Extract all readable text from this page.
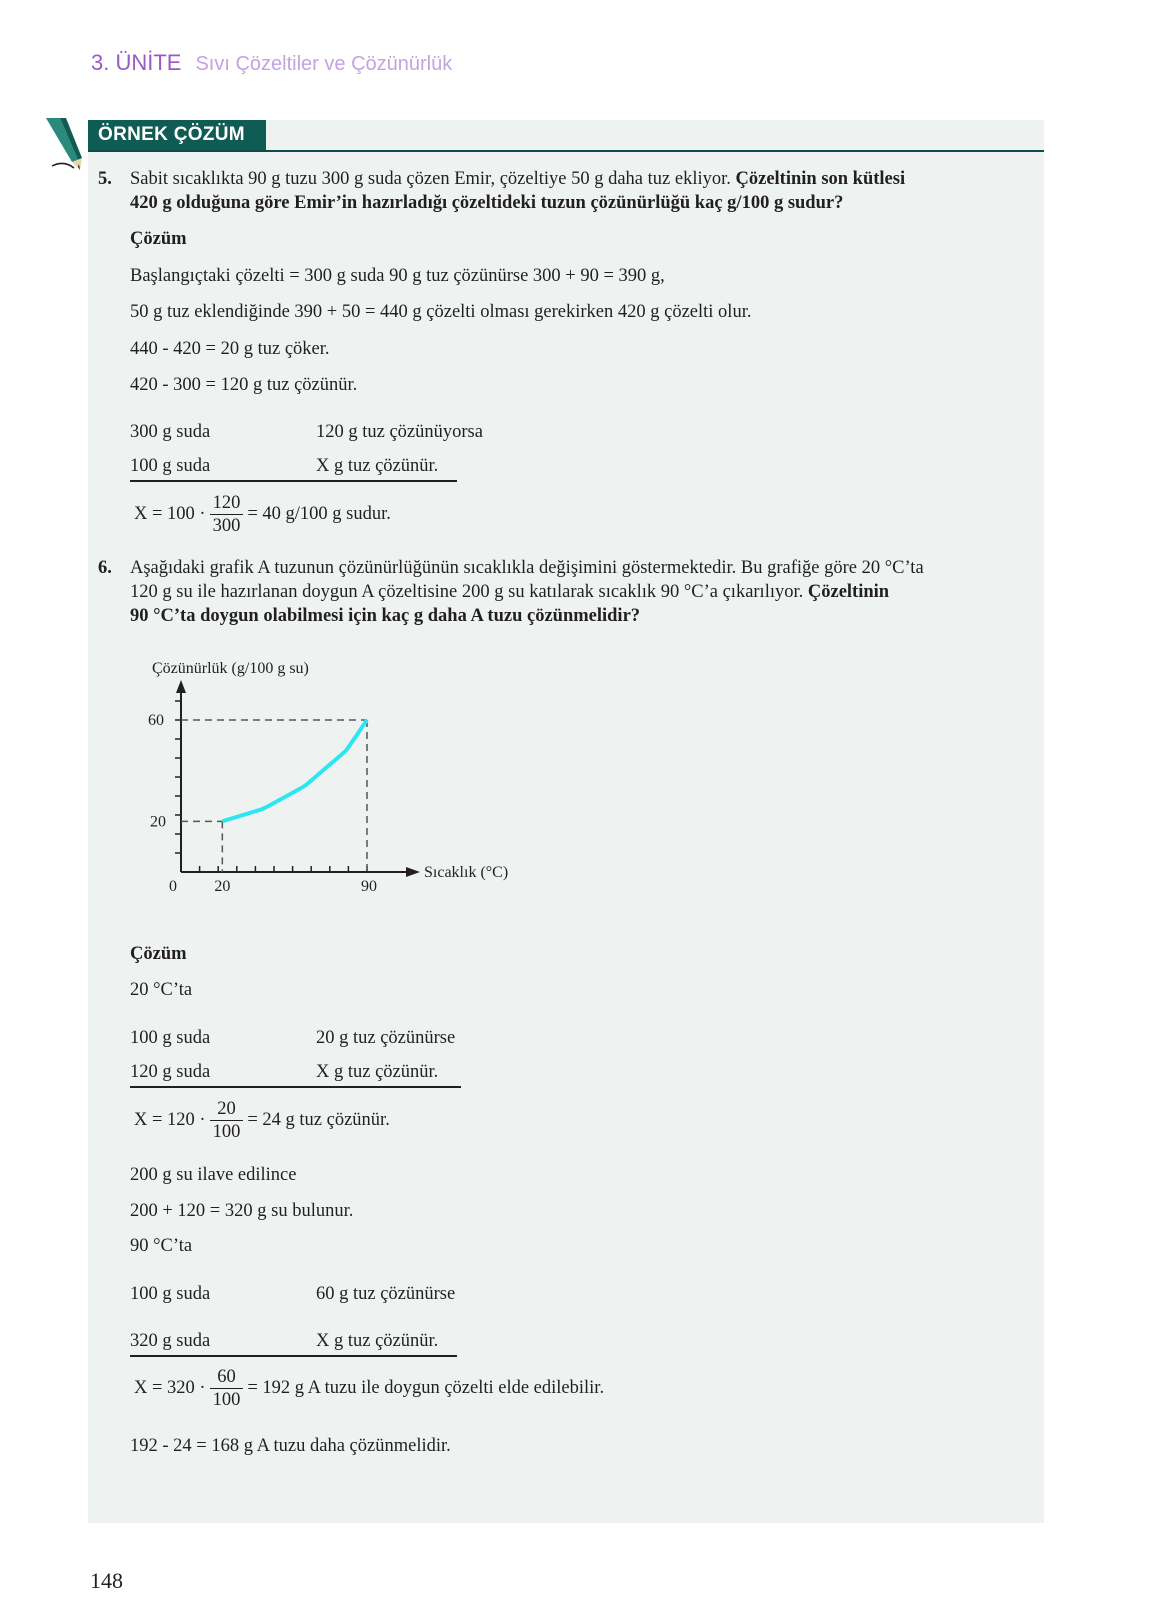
3. ÜNİTE Sıvı Çözeltiler ve Çözünürlük
ÖRNEK ÇÖZÜM
5. Sabit sıcaklıkta 90 g tuzu 300 g suda çözen Emir, çözeltiye 50 g daha tuz ekliyor. Çözeltinin son kütlesi
420 g olduğuna göre Emir’in hazırladığı çözeltideki tuzun çözünürlüğü kaç g/100 g sudur?
Çözüm
Başlangıçtaki çözelti = 300 g suda 90 g tuz çözünürse 300 + 90 = 390 g,
50 g tuz eklendiğinde 390 + 50 = 440 g çözelti olması gerekirken 420 g çözelti olur.
440 - 420 = 20 g tuz çöker.
420 - 300 = 120 g tuz çözünür.
300 g suda	120 g tuz çözünüyorsa
100 g suda	X g tuz çözünür.
$X = 100 \cdot \frac{120}{300} = 40$ g/100 g sudur.
6. Aşağıdaki grafik A tuzunun çözünürlüğünün sıcaklıkla değişimini göstermektedir. Bu grafiğe göre 20 °C’ta
120 g su ile hazırlanan doygun A çözeltisine 200 g su katılarak sıcaklık 90 °C’a çıkarılıyor. Çözeltinin
90 °C’ta doygun olabilmesi için kaç g daha A tuzu çözünmelidir?
Çözünürlük (g/100 g su)
Sıcaklık (°C)
0 20	90
20
60
Çözüm
20 °C’ta
100 g suda	20 g tuz çözünürse
120 g suda	X g tuz çözünür.
$X = 120 \cdot \frac{20}{100} = 24$ g tuz çözünür.
200 g su ilave edilince
200 + 120 = 320 g su bulunur.
90 °C’ta
100 g suda	60 g tuz çözünürse
320 g suda	X g tuz çözünür.
$X = 320 \cdot \frac{60}{100} = 192$ g A tuzu ile doygun çözelti elde edilebilir.
192 - 24 = 168 g A tuzu daha çözünmelidir.
148
